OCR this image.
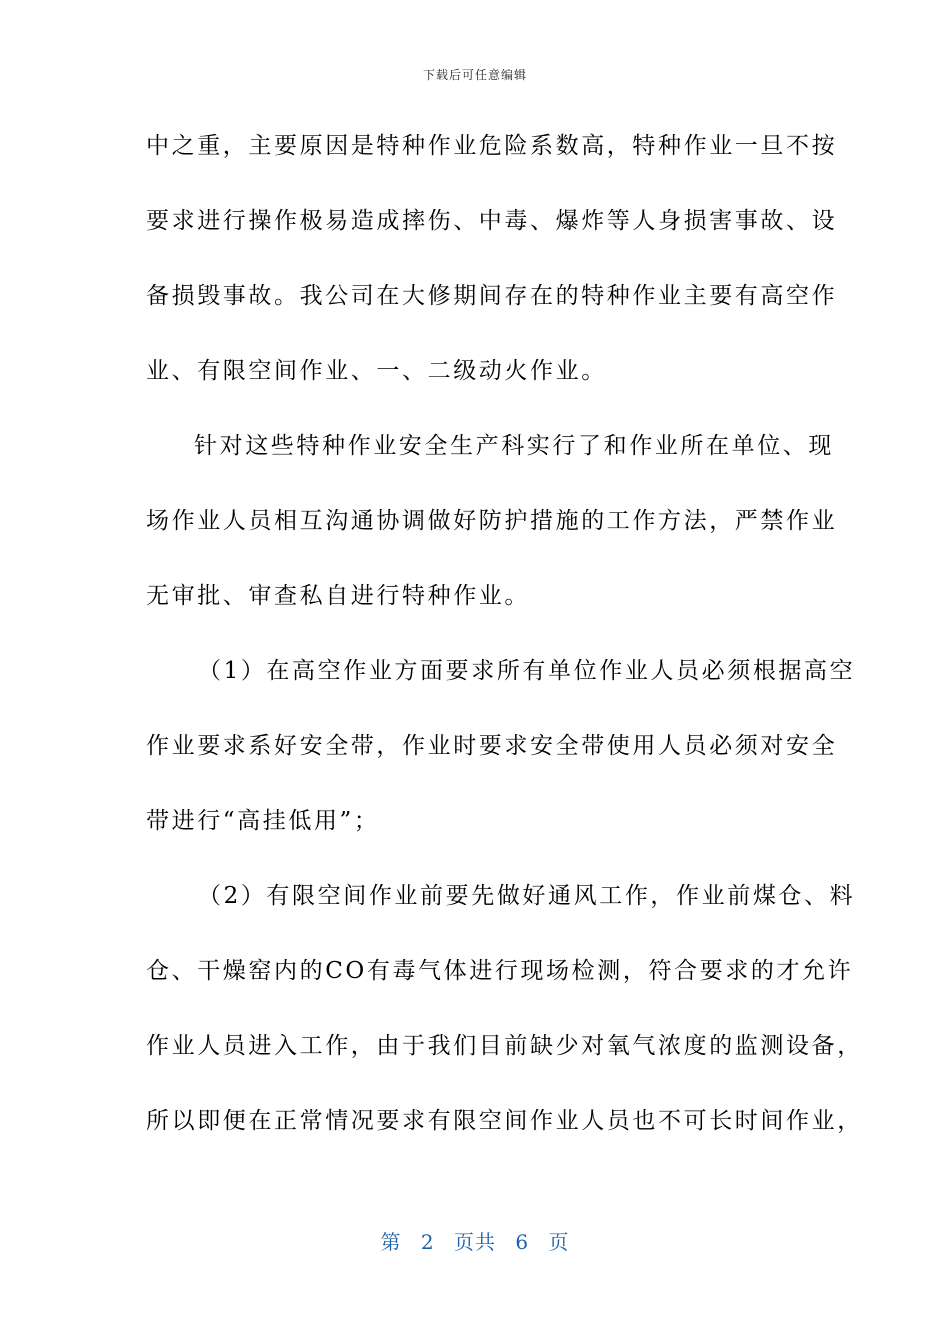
下载后可任意编辑
中之重，主要原因是特种作业危险系数高，特种作业一旦不按
要求进行操作极易造成摔伤、中毒、爆炸等人身损害事故、设
备损毁事故。我公司在大修期间存在的特种作业主要有高空作
业、有限空间作业、一、二级动火作业。
针对这些特种作业安全生产科实行了和作业所在单位、现
场作业人员相互沟通协调做好防护措施的工作方法，严禁作业
无审批、审查私自进行特种作业。
（1）在高空作业方面要求所有单位作业人员必须根据高空
作业要求系好安全带，作业时要求安全带使用人员必须对安全
带进行“高挂低用”；
（2）有限空间作业前要先做好通风工作，作业前煤仓、料
仓、干燥窑内的CO有毒气体进行现场检测，符合要求的才允许
作业人员进入工作，由于我们目前缺少对氧气浓度的监测设备，
所以即便在正常情况要求有限空间作业人员也不可长时间作业，
第 2 页共 6 页
